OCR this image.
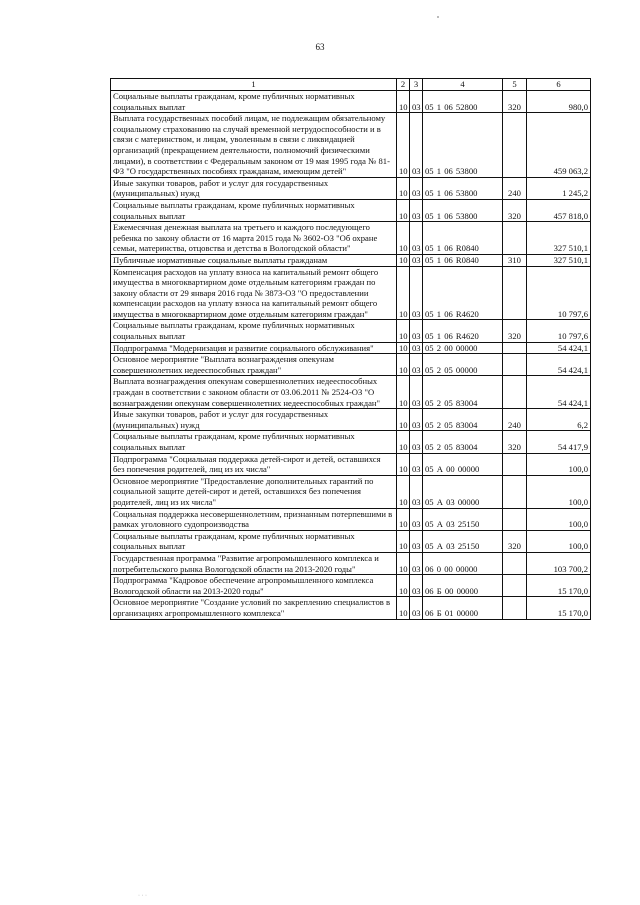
63
1	2	3	4	5	6
Социальные выплаты гражданам, кроме публичных нормативных социальных выплат	10	03	05 1 06 52800	320	980,0
Выплата государственных пособий лицам, не подлежащим обязательному социальному страхованию на случай временной нетрудоспособности и в связи с материнством, и лицам, уволенным в связи с ликвидацией организаций (прекращением деятельности, полномочий физическими лицами), в соответствии с Федеральным законом от 19 мая 1995 года № 81-ФЗ "О государственных пособиях гражданам, имеющим детей"	10	03	05 1 06 53800		459 063,2
Иные закупки товаров, работ и услуг для государственных (муниципальных) нужд	10	03	05 1 06 53800	240	1 245,2
Социальные выплаты гражданам, кроме публичных нормативных социальных выплат	10	03	05 1 06 53800	320	457 818,0
Ежемесячная денежная выплата на третьего и каждого последующего ребенка по закону области от 16 марта 2015 года № 3602-ОЗ "Об охране семьи, материнства, отцовства и детства в Вологодской области"	10	03	05 1 06 R0840		327 510,1
Публичные нормативные социальные выплаты гражданам	10	03	05 1 06 R0840	310	327 510,1
Компенсация расходов на уплату взноса на капитальный ремонт общего имущества в многоквартирном доме отдельным категориям граждан по закону области от 29 января 2016 года № 3873-ОЗ "О предоставлении компенсации расходов на уплату взноса на капитальный ремонт общего имущества в многоквартирном доме отдельным категориям граждан"	10	03	05 1 06 R4620		10 797,6
Социальные выплаты гражданам, кроме публичных нормативных социальных выплат	10	03	05 1 06 R4620	320	10 797,6
Подпрограмма "Модернизация и развитие социального обслуживания"	10	03	05 2 00 00000		54 424,1
Основное мероприятие "Выплата вознаграждения опекунам совершеннолетних недееспособных граждан"	10	03	05 2 05 00000		54 424,1
Выплата вознаграждения опекунам совершеннолетних недееспособных граждан в соответствии с законом области от 03.06.2011 № 2524-ОЗ "О вознаграждении опекунам совершеннолетних недееспособных граждан"	10	03	05 2 05 83004		54 424,1
Иные закупки товаров, работ и услуг для государственных (муниципальных) нужд	10	03	05 2 05 83004	240	6,2
Социальные выплаты гражданам, кроме публичных нормативных социальных выплат	10	03	05 2 05 83004	320	54 417,9
Подпрограмма "Социальная поддержка детей-сирот и детей, оставшихся без попечения родителей, лиц из их числа"	10	03	05 А 00 00000		100,0
Основное мероприятие "Предоставление дополнительных гарантий по социальной защите детей-сирот и детей, оставшихся без попечения родителей, лиц из их числа"	10	03	05 А 03 00000		100,0
Социальная поддержка несовершеннолетним, признанным потерпевшими в рамках уголовного судопроизводства	10	03	05 А 03 25150		100,0
Социальные выплаты гражданам, кроме публичных нормативных социальных выплат	10	03	05 А 03 25150	320	100,0
Государственная программа "Развитие агропромышленного комплекса и потребительского рынка Вологодской области на 2013-2020 годы"	10	03	06 0 00 00000		103 700,2
Подпрограмма "Кадровое обеспечение агропромышленного комплекса Вологодской области на 2013-2020 годы"	10	03	06 Б 00 00000		15 170,0
Основное мероприятие "Создание условий по закреплению специалистов в организациях агропромышленного комплекса"	10	03	06 Б 01 00000		15 170,0
· · ·
